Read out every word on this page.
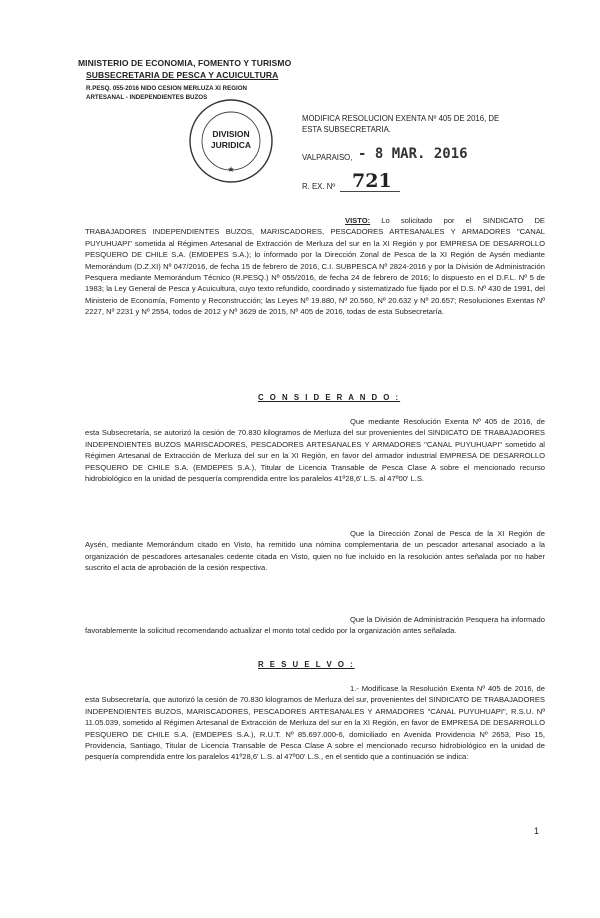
MINISTERIO DE ECONOMIA, FOMENTO Y TURISMO
SUBSECRETARIA DE PESCA Y ACUICULTURA
R.PESQ. 055-2016 NIDO CESION MERLUZA XI REGION
ARTESANAL - INDEPENDIENTES BUZOS
★
DIVISION
JURIDICA
MODIFICA RESOLUCION EXENTA Nº 405 DE 2016, DE
ESTA SUBSECRETARIA.
VALPARAISO, - 8 MAR. 2016
R. EX. Nº 721
VISTO: Lo solicitado por el SINDICATO DE TRABAJADORES INDEPENDIENTES BUZOS, MARISCADORES, PESCADORES ARTESANALES Y ARMADORES "CANAL PUYUHUAPI" sometida al Régimen Artesanal de Extracción de Merluza del sur en la XI Región y por EMPRESA DE DESARROLLO PESQUERO DE CHILE S.A. (EMDEPES S.A.); lo informado por la Dirección Zonal de Pesca de la XI Región de Aysén mediante Memorándum (D.Z.XI) Nº 047/2016, de fecha 15 de febrero de 2016, C.I. SUBPESCA Nº 2824-2016 y por la División de Administración Pesquera mediante Memorándum Técnico (R.PESQ.) Nº 055/2016, de fecha 24 de febrero de 2016; lo dispuesto en el D.F.L. Nº 5 de 1983; la Ley General de Pesca y Acuicultura, cuyo texto refundido, coordinado y sistematizado fue fijado por el D.S. Nº 430 de 1991, del Ministerio de Economía, Fomento y Reconstrucción; las Leyes Nº 19.880, Nº 20.560, Nº 20.632 y Nº 20.657; Resoluciones Exentas Nº 2227, Nº 2231 y Nº 2554, todos de 2012 y Nº 3629 de 2015, Nº 405 de 2016, todas de esta Subsecretaría.
C O N S I D E R A N D O :
Que mediante Resolución Exenta Nº 405 de 2016, de esta Subsecretaría, se autorizó la cesión de 70.830 kilogramos de Merluza del sur provenientes del SINDICATO DE TRABAJADORES INDEPENDIENTES BUZOS MARISCADORES, PESCADORES ARTESANALES Y ARMADORES "CANAL PUYUHUAPI" sometido al Régimen Artesanal de Extracción de Merluza del sur en la XI Región, en favor del armador industrial EMPRESA DE DESARROLLO PESQUERO DE CHILE S.A. (EMDEPES S.A.), Titular de Licencia Transable de Pesca Clase A sobre el mencionado recurso hidrobiológico en la unidad de pesquería comprendida entre los paralelos 41º28,6' L.S. al 47º00' L.S.
Que la Dirección Zonal de Pesca de la XI Región de Aysén, mediante Memorándum citado en Visto, ha remitido una nómina complementaria de un pescador artesanal asociado a la organización de pescadores artesanales cedente citada en Visto, quien no fue incluido en la resolución antes señalada por no haber suscrito el acta de aprobación de la cesión respectiva.
Que la División de Administración Pesquera ha informado favorablemente la solicitud recomendando actualizar el monto total cedido por la organización antes señalada.
R E S U E L V O :
1.- Modifícase la Resolución Exenta Nº 405 de 2016, de esta Subsecretaría, que autorizó la cesión de 70.830 kilogramos de Merluza del sur, provenientes del SINDICATO DE TRABAJADORES INDEPENDIENTES BUZOS, MARISCADORES, PESCADORES ARTESANALES Y ARMADORES "CANAL PUYUHUAPI", R.S.U. Nº 11.05.039, sometido al Régimen Artesanal de Extracción de Merluza del sur en la XI Región, en favor de EMPRESA DE DESARROLLO PESQUERO DE CHILE S.A. (EMDEPES S.A.), R.U.T. Nº 85.697.000-6, domiciliado en Avenida Providencia Nº 2653, Piso 15, Providencia, Santiago, Titular de Licencia Transable de Pesca Clase A sobre el mencionado recurso hidrobiológico en la unidad de pesquería comprendida entre los paralelos 41º28,6' L.S. al 47º00' L.S., en el sentido que a continuación se indica:
1
